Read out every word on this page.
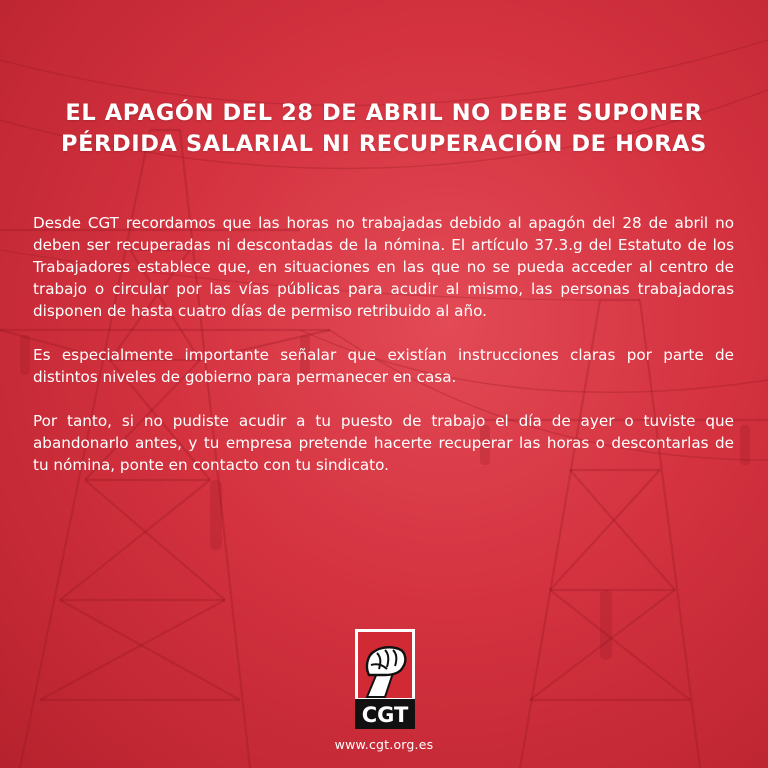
EL APAGÓN DEL 28 DE ABRIL NO DEBE SUPONER
PÉRDIDA SALARIAL NI RECUPERACIÓN DE HORAS

Desde CGT recordamos que las horas no trabajadas debido al apagón del 28 de abril no deben ser recuperadas ni descontadas de la nómina. El artículo 37.3.g del Estatuto de los Trabajadores establece que, en situaciones en las que no se pueda acceder al centro de trabajo o circular por las vías públicas para acudir al mismo, las personas trabajadoras disponen de hasta cuatro días de permiso retribuido al año.

Es especialmente importante señalar que existían instrucciones claras por parte de distintos niveles de gobierno para permanecer en casa.

Por tanto, si no pudiste acudir a tu puesto de trabajo el día de ayer o tuviste que abandonarlo antes, y tu empresa pretende hacerte recuperar las horas o descontarlas de tu nómina, ponte en contacto con tu sindicato.

CGT
www.cgt.org.es
